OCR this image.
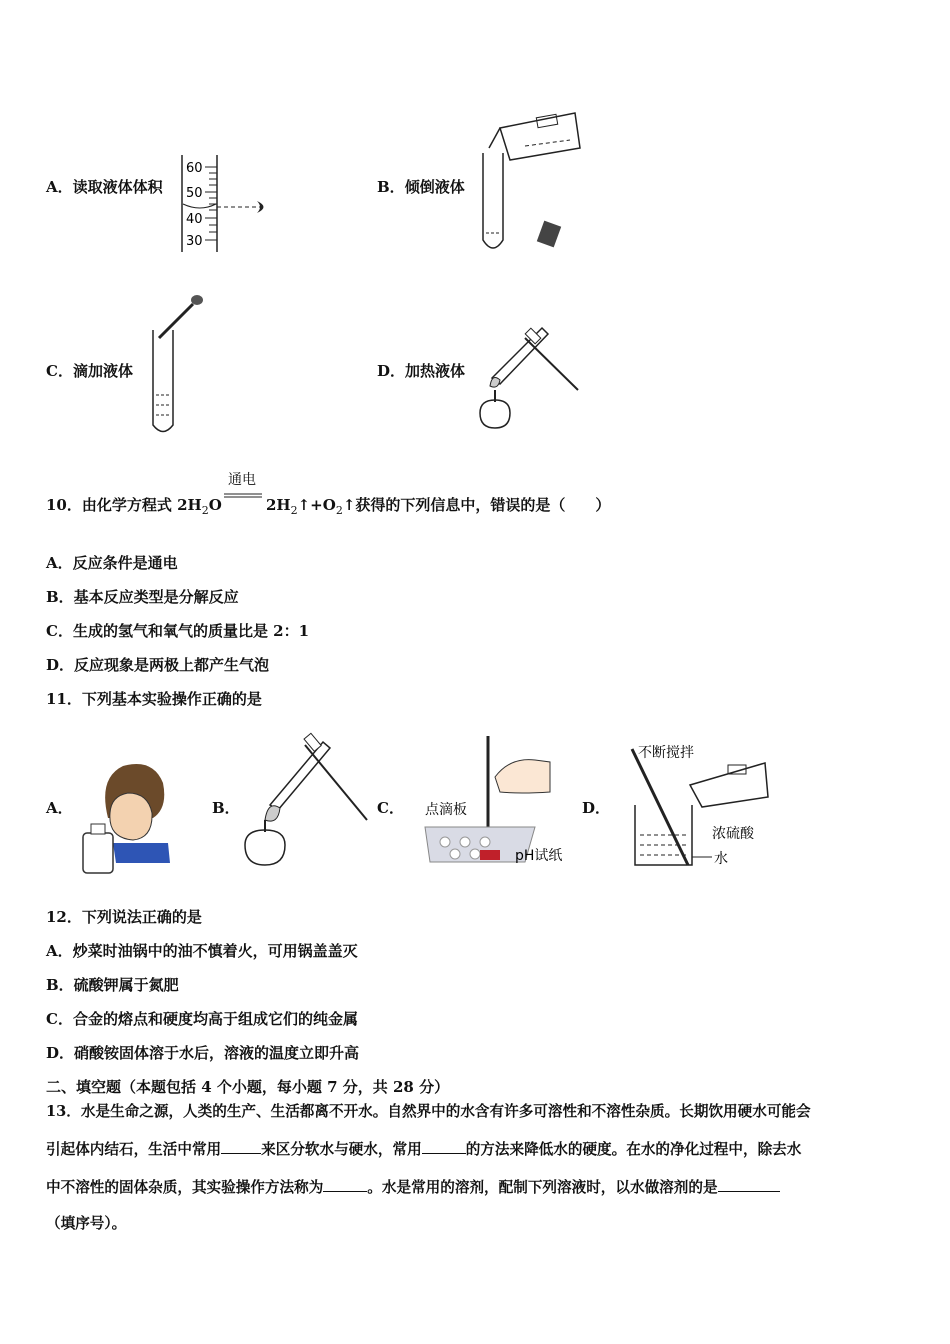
A．读取液体体积
60
50
40
30
B．倾倒液体
C．滴加液体	D．加热液体
10．由化学方程式 $2H_2O$
通电
$2H_2↑+O_2↑$获得的下列信息中，错误的是（　　）
A．反应条件是通电
B．基本反应类型是分解反应
C．生成的氢气和氧气的质量比是 2：1
D．反应现象是两极上都产生气泡
11．下列基本实验操作正确的是
A．	B．	C． 点滴板
pH试纸
D．
不断搅拌
浓硫酸
水
12．下列说法正确的是
A．炒菜时油锅中的油不慎着火，可用锅盖盖灭
B．硫酸钾属于氮肥
C．合金的熔点和硬度均高于组成它们的纯金属
D．硝酸铵固体溶于水后，溶液的温度立即升高
二、填空题（本题包括 4 个小题，每小题 7 分，共 28 分）
13．水是生命之源，人类的生产、生活都离不开水。自然界中的水含有许多可溶性和不溶性杂质。长期饮用硬水可能会
引起体内结石，生活中常用	来区分软水与硬水，常用	的方法来降低水的硬度。在水的净化过程中，除去水
中不溶性的固体杂质，其实验操作方法称为	。水是常用的溶剂，配制下列溶液时，以水做溶剂的是
（填序号）。
